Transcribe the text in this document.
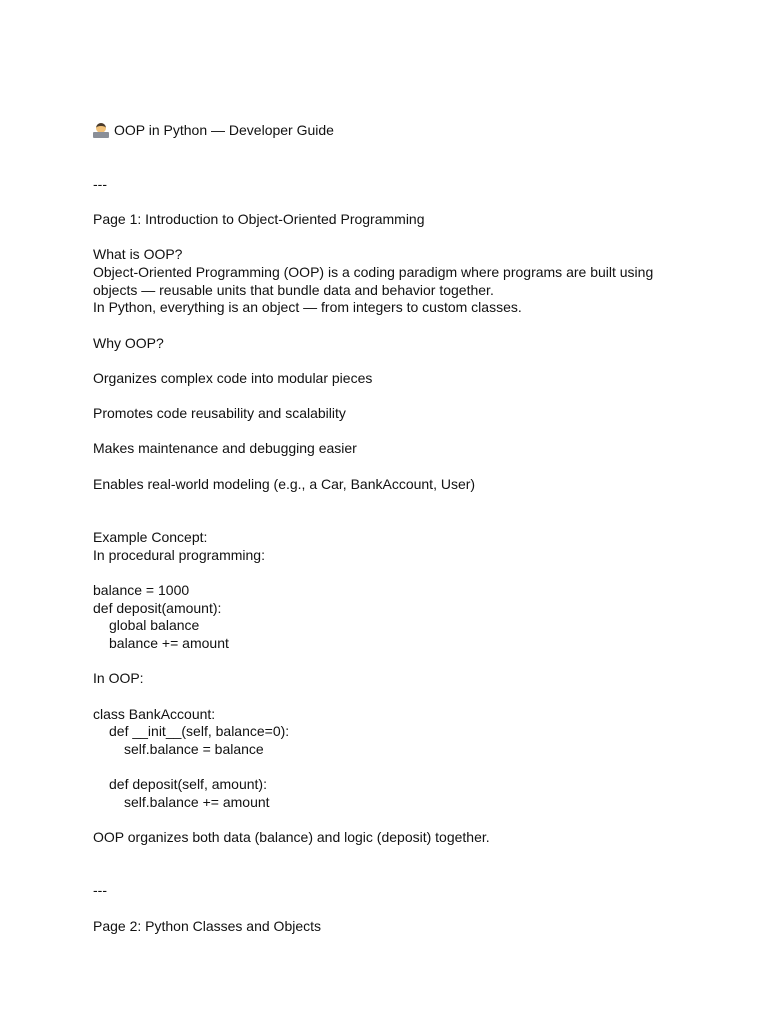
OOP in Python — Developer Guide

---

Page 1: Introduction to Object-Oriented Programming

What is OOP?

Object-Oriented Programming (OOP) is a coding paradigm where programs are built using

objects — reusable units that bundle data and behavior together.

In Python, everything is an object — from integers to custom classes.

Why OOP?

Organizes complex code into modular pieces

Promotes code reusability and scalability

Makes maintenance and debugging easier

Enables real-world modeling (e.g., a Car, BankAccount, User)

Example Concept:

In procedural programming:

balance = 1000

def deposit(amount):

global balance

balance += amount

In OOP:

class BankAccount:

def __init__(self, balance=0):

self.balance = balance

def deposit(self, amount):

self.balance += amount

OOP organizes both data (balance) and logic (deposit) together.

---

Page 2: Python Classes and Objects
